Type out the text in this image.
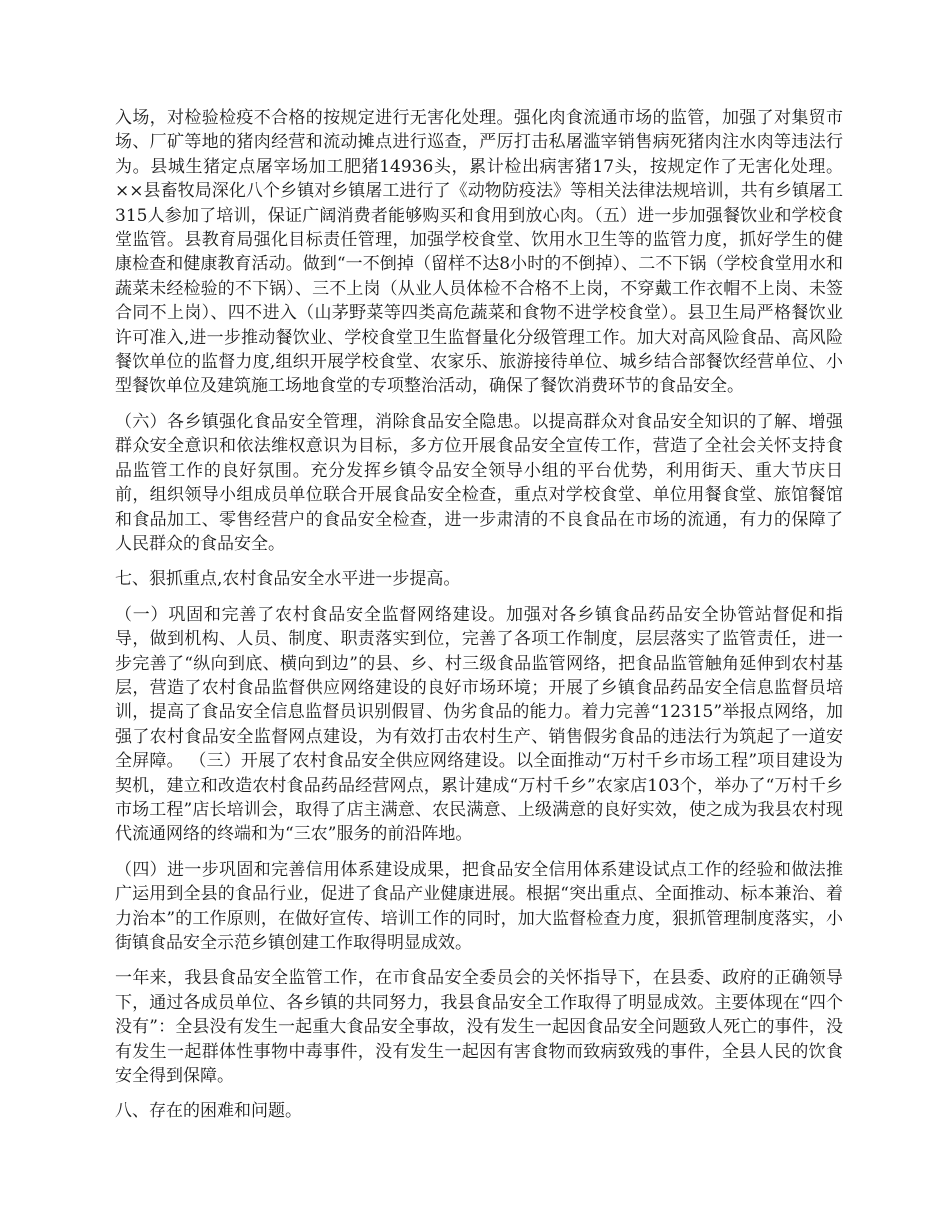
入场，对检验检疫不合格的按规定进行无害化处理。强化肉食流通市场的监管，加强了对集贸市场、厂矿等地的猪肉经营和流动摊点进行巡查，严厉打击私屠滥宰销售病死猪肉注水肉等违法行为。县城生猪定点屠宰场加工肥猪14936头，累计检出病害猪17头，按规定作了无害化处理。××县畜牧局深化八个乡镇对乡镇屠工进行了《动物防疫法》等相关法律法规培训，共有乡镇屠工315人参加了培训，保证广阔消费者能够购买和食用到放心肉。（五）进一步加强餐饮业和学校食堂监管。县教育局强化目标责任管理，加强学校食堂、饮用水卫生等的监管力度，抓好学生的健康检查和健康教育活动。做到“一不倒掉（留样不达8小时的不倒掉）、二不下锅（学校食堂用水和蔬菜未经检验的不下锅）、三不上岗（从业人员体检不合格不上岗，不穿戴工作衣帽不上岗、未签合同不上岗）、四不进入（山茅野菜等四类高危蔬菜和食物不进学校食堂）。县卫生局严格餐饮业许可准入,进一步推动餐饮业、学校食堂卫生监督量化分级管理工作。加大对高风险食品、高风险餐饮单位的监督力度,组织开展学校食堂、农家乐、旅游接待单位、城乡结合部餐饮经营单位、小型餐饮单位及建筑施工场地食堂的专项整治活动，确保了餐饮消费环节的食品安全。

（六）各乡镇强化食品安全管理，消除食品安全隐患。以提高群众对食品安全知识的了解、增强群众安全意识和依法维权意识为目标，多方位开展食品安全宣传工作，营造了全社会关怀支持食品监管工作的良好氛围。充分发挥乡镇令品安全领导小组的平台优势，利用街天、重大节庆日前，组织领导小组成员单位联合开展食品安全检查，重点对学校食堂、单位用餐食堂、旅馆餐馆和食品加工、零售经营户的食品安全检查，进一步肃清的不良食品在市场的流通，有力的保障了人民群众的食品安全。

七、狠抓重点,农村食品安全水平进一步提高。

（一）巩固和完善了农村食品安全监督网络建设。加强对各乡镇食品药品安全协管站督促和指导，做到机构、人员、制度、职责落实到位，完善了各项工作制度，层层落实了监管责任，进一步完善了“纵向到底、横向到边”的县、乡、村三级食品监管网络，把食品监管触角延伸到农村基层，营造了农村食品监督供应网络建设的良好市场环境；开展了乡镇食品药品安全信息监督员培训，提高了食品安全信息监督员识别假冒、伪劣食品的能力。着力完善“12315”举报点网络，加强了农村食品安全监督网点建设，为有效打击农村生产、销售假劣食品的违法行为筑起了一道安全屏障。 （三）开展了农村食品安全供应网络建设。以全面推动“万村千乡市场工程”项目建设为契机，建立和改造农村食品药品经营网点，累计建成“万村千乡”农家店103个，举办了“万村千乡市场工程”店长培训会，取得了店主满意、农民满意、上级满意的良好实效，使之成为我县农村现代流通网络的终端和为“三农”服务的前沿阵地。

（四）进一步巩固和完善信用体系建设成果，把食品安全信用体系建设试点工作的经验和做法推广运用到全县的食品行业，促进了食品产业健康进展。根据“突出重点、全面推动、标本兼治、着力治本”的工作原则，在做好宣传、培训工作的同时，加大监督检查力度，狠抓管理制度落实，小街镇食品安全示范乡镇创建工作取得明显成效。

一年来，我县食品安全监管工作，在市食品安全委员会的关怀指导下，在县委、政府的正确领导下，通过各成员单位、各乡镇的共同努力，我县食品安全工作取得了明显成效。主要体现在“四个没有”：全县没有发生一起重大食品安全事故，没有发生一起因食品安全问题致人死亡的事件，没有发生一起群体性事物中毒事件，没有发生一起因有害食物而致病致残的事件，全县人民的饮食安全得到保障。

八、存在的困难和问题。
